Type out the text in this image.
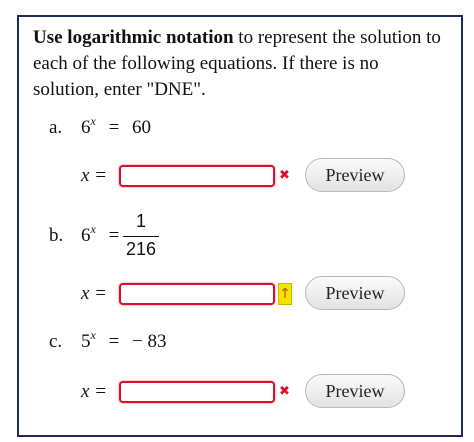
Use logarithmic notation to represent the solution to each of the following equations. If there is no solution, enter "DNE".
a. $6^x = 60$
x =	✖	Preview
b. $6^x$ =
1
216
x =	↑	Preview
c. $5^x$ = − 83
x =	✖	Preview
